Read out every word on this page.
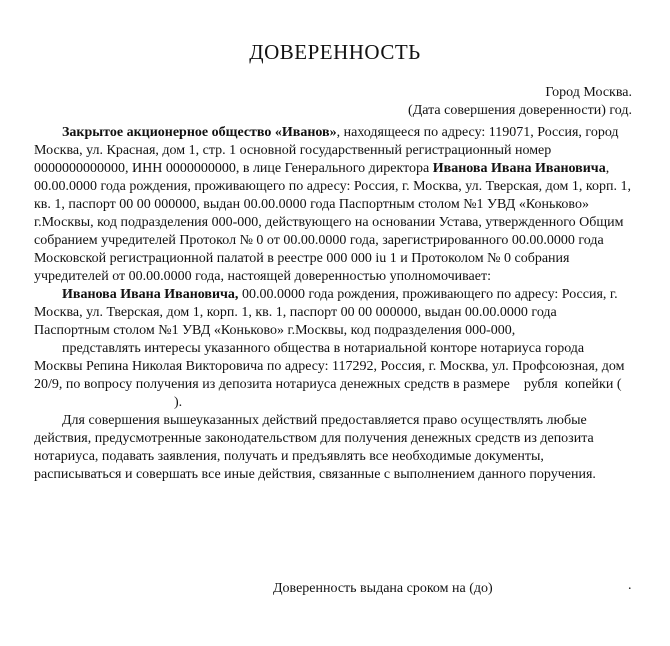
ДОВЕРЕННОСТЬ
Город Москва.
(Дата совершения доверенности) год.

Закрытое акционерное общество «Иванов», находящееся по адресу: 119071, Россия, город Москва, ул. Красная, дом 1, стр. 1 основной государственный регистрационный номер 0000000000000, ИНН 0000000000, в лице Генерального директора Иванова Ивана Ивановича, 00.00.0000 года рождения, проживающего по адресу: Россия, г. Москва, ул. Тверская, дом 1, корп. 1, кв. 1, паспорт 00 00 000000, выдан 00.00.0000 года Паспортным столом №1 УВД «Коньково» г.Москвы, код подразделения 000-000, действующего на основании Устава, утвержденного Общим собранием учредителей Протокол № 0 от 00.00.0000 года, зарегистрированного 00.00.0000 года Московской регистрационной палатой в реестре 000 000 iu 1 и Протоколом № 0 собрания учредителей от 00.00.0000 года, настоящей доверенностью уполномочивает:

Иванова Ивана Ивановича, 00.00.0000 года рождения, проживающего по адресу: Россия, г. Москва, ул. Тверская, дом 1, корп. 1, кв. 1, паспорт 00 00 000000, выдан 00.00.0000 года Паспортным столом №1 УВД «Коньково» г.Москвы, код подразделения 000-000,

представлять интересы указанного общества в нотариальной конторе нотариуса города Москвы Репина Николая Викторовича по адресу: 117292, Россия, г. Москва, ул. Профсоюзная, дом 20/9, по вопросу получения из депозита нотариуса денежных средств в размере рубля копейки (                                        ).

Для совершения вышеуказанных действий предоставляется право осуществлять любые действия, предусмотренные законодательством для получения денежных средств из депозита нотариуса, подавать заявления, получать и предъявлять все необходимые документы, расписываться и совершать все иные действия, связанные с выполнением данного поручения.

Доверенность выдана сроком на (до)	.
